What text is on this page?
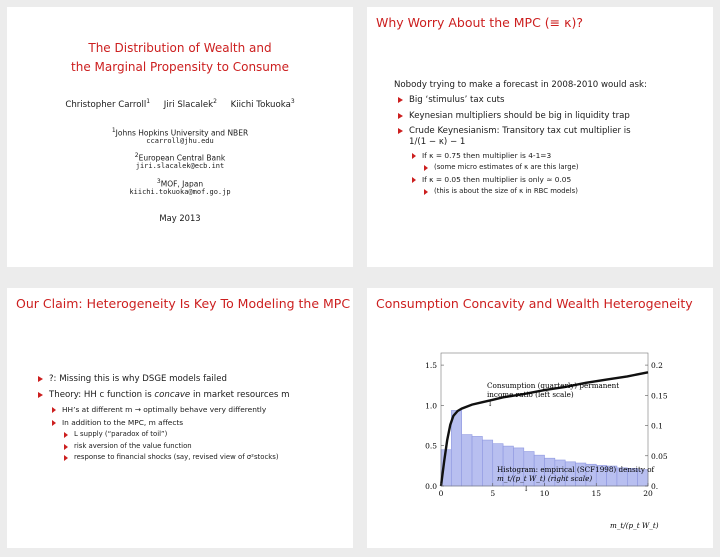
The Distribution of Wealth and
the Marginal Propensity to Consume
Christopher Carroll$^1$ Jiri Slacalek$^2$ Kiichi Tokuoka$^3$
$^1$Johns Hopkins University and NBER
ccarroll@jhu.edu
$^2$European Central Bank
jiri.slacalek@ecb.int
$^3$MOF, Japan
kiichi.tokuoka@mof.go.jp
May 2013
Why Worry About the MPC (≡ κ)?
Nobody trying to make a forecast in 2008-2010 would ask:
Big ‘stimulus’ tax cuts
Keynesian multipliers should be big in liquidity trap
Crude Keynesianism: Transitory tax cut multiplier is
1/(1 − κ) − 1
If κ = 0.75 then multiplier is 4-1=3
(some micro estimates of κ are this large)
If κ = 0.05 then multiplier is only ≈ 0.05
(this is about the size of κ in RBC models)
Our Claim: Heterogeneity Is Key To Modeling the MPC
?: Missing this is why DSGE models failed
Theory: HH c function is concave in market resources m
HH’s at different m → optimally behave very differently
In addition to the MPC, m affects
L supply (“paradox of toil”)
risk aversion of the value function
response to financial shocks (say, revised view of σ²stocks)
Consumption Concavity and Wealth Heterogeneity
0	5	10	15	20
0.0
0.5
1.0
1.5
0.
0.05
0.1
0.15
0.2
Consumption (quarterly) permanent
income ratio (left scale)
↓
Histogram: empirical (SCF1998) density of
m_t/(p_t W_t) (right scale)
↓
m_t/(p_t W_t)
